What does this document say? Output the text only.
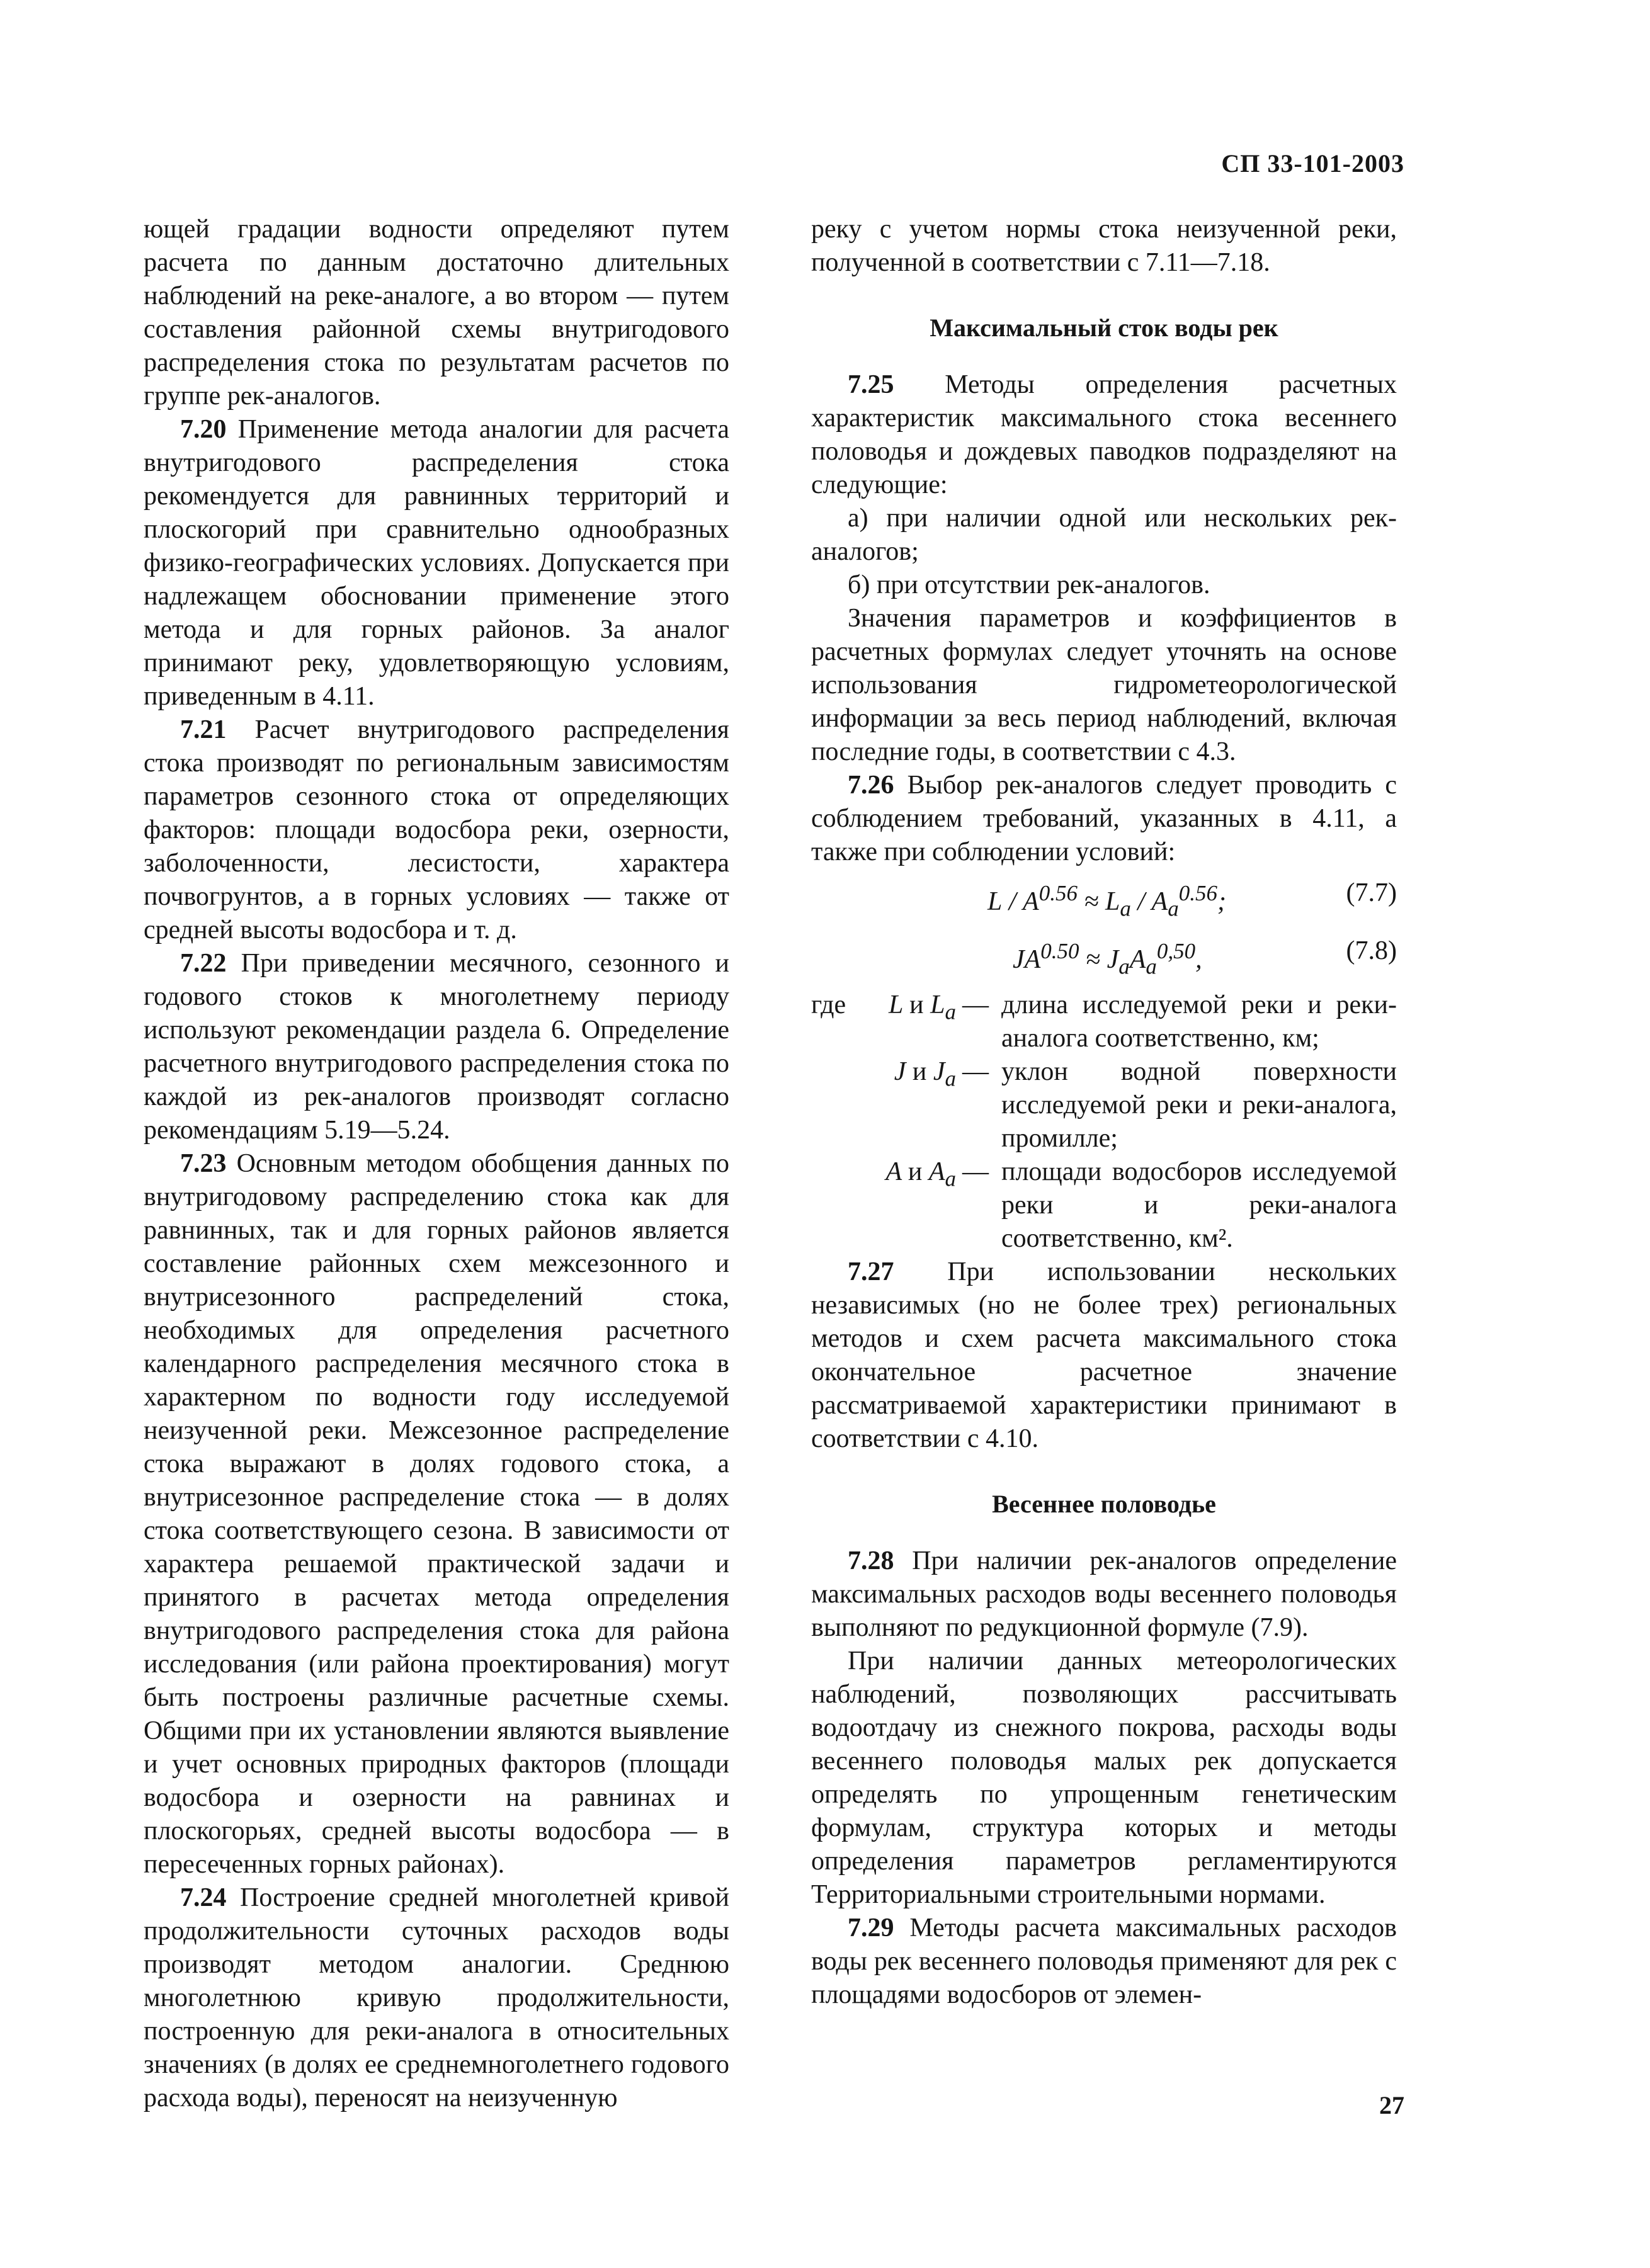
СП 33-101-2003

ющей градации водности определяют путем расчета по данным достаточно длительных наблюдений на реке-аналоге, а во втором — путем составления районной схемы внутригодового распределения стока по результатам расчетов по группе рек-аналогов.

7.20 Применение метода аналогии для расчета внутригодового распределения стока рекомендуется для равнинных территорий и плоскогорий при сравнительно однообразных физико-географических условиях. Допускается при надлежащем обосновании применение этого метода и для горных районов. За аналог принимают реку, удовлетворяющую условиям, приведенным в 4.11.

7.21 Расчет внутригодового распределения стока производят по региональным зависимостям параметров сезонного стока от определяющих факторов: площади водосбора реки, озерности, заболоченности, лесистости, характера почвогрунтов, а в горных условиях — также от средней высоты водосбора и т. д.

7.22 При приведении месячного, сезонного и годового стоков к многолетнему периоду используют рекомендации раздела 6. Определение расчетного внутригодового распределения стока по каждой из рек-аналогов производят согласно рекомендациям 5.19—5.24.

7.23 Основным методом обобщения данных по внутригодовому распределению стока как для равнинных, так и для горных районов является составление районных схем межсезонного и внутрисезонного распределений стока, необходимых для определения расчетного календарного распределения месячного стока в характерном по водности году исследуемой неизученной реки. Межсезонное распределение стока выражают в долях годового стока, а внутрисезонное распределение стока — в долях стока соответствующего сезона. В зависимости от характера решаемой практической задачи и принятого в расчетах метода определения внутригодового распределения стока для района исследования (или района проектирования) могут быть построены различные расчетные схемы. Общими при их установлении являются выявление и учет основных природных факторов (площади водосбора и озерности на равнинах и плоскогорьях, средней высоты водосбора — в пересеченных горных районах).

7.24 Построение средней многолетней кривой продолжительности суточных расходов воды производят методом аналогии. Среднюю многолетнюю кривую продолжительности, построенную для реки-аналога в относительных значениях (в долях ее среднемноголетнего годового расхода воды), переносят на неизученную

реку с учетом нормы стока неизученной реки, полученной в соответствии с 7.11—7.18.

Максимальный сток воды рек

7.25 Методы определения расчетных характеристик максимального стока весеннего половодья и дождевых паводков подразделяют на следующие:

а) при наличии одной или нескольких рек-аналогов;

б) при отсутствии рек-аналогов.

Значения параметров и коэффициентов в расчетных формулах следует уточнять на основе использования гидрометеорологической информации за весь период наблюдений, включая последние годы, в соответствии с 4.3.

7.26 Выбор рек-аналогов следует проводить с соблюдением требований, указанных в 4.11, а также при соблюдении условий:

$L / A^{0.56} \approx L_a / A_a^{0.56}$;	(7.7)
$JA^{0.50} \approx J_aA_a^{0,50}$,	(7.8)
где	L и $L_a$ — длина исследуемой реки и реки-аналога соответственно, км;
J и $J_a$ — уклон водной поверхности исследуемой реки и реки-аналога, промилле;
A и $A_a$ — площади водосборов исследуемой реки и реки-аналога соответственно, км².

7.27 При использовании нескольких независимых (но не более трех) региональных методов и схем расчета максимального стока окончательное расчетное значение рассматриваемой характеристики принимают в соответствии с 4.10.

Весеннее половодье

7.28 При наличии рек-аналогов определение максимальных расходов воды весеннего половодья выполняют по редукционной формуле (7.9).

При наличии данных метеорологических наблюдений, позволяющих рассчитывать водоотдачу из снежного покрова, расходы воды весеннего половодья малых рек допускается определять по упрощенным генетическим формулам, структура которых и методы определения параметров регламентируются Территориальными строительными нормами.

7.29 Методы расчета максимальных расходов воды рек весеннего половодья применяют для рек с площадями водосборов от элемен-

27
